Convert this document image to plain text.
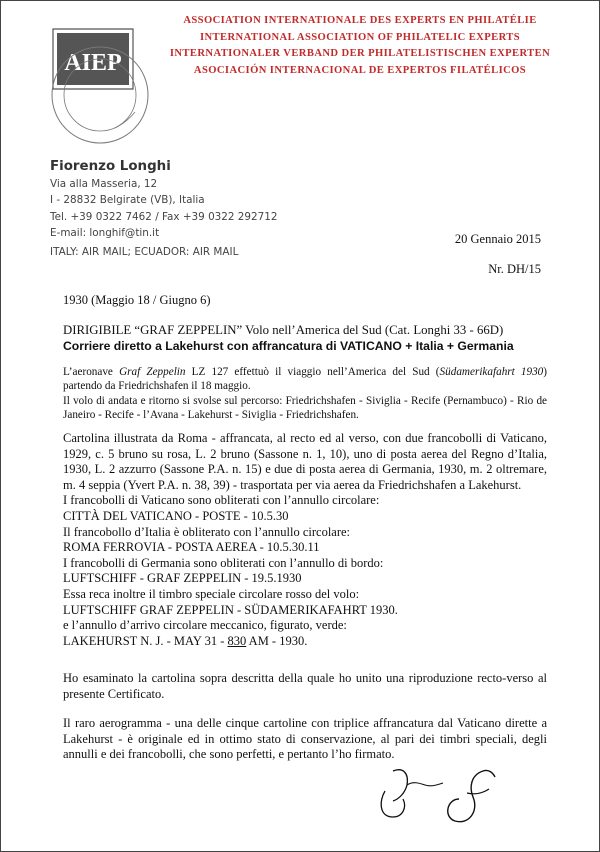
AIEP
ASSOCIATION INTERNATIONALE DES EXPERTS EN PHILATÉLIE
INTERNATIONAL ASSOCIATION OF PHILATELIC EXPERTS
INTERNATIONALER VERBAND DER PHILATELISTISCHEN EXPERTEN
ASOCIACIÓN INTERNACIONAL DE EXPERTOS FILATÉLICOS
Fiorenzo Longhi
Via alla Masseria, 12
I - 28832 Belgirate (VB), Italia
Tel. +39 0322 7462 / Fax +39 0322 292712
E-mail: longhif@tin.it
ITALY: AIR MAIL; ECUADOR: AIR MAIL
20 Gennaio 2015
Nr. DH/15
1930 (Maggio 18 / Giugno 6)
DIRIGIBILE “GRAF ZEPPELIN” Volo nell’America del Sud (Cat. Longhi 33 - 66D)
Corriere diretto a Lakehurst con affrancatura di VATICANO + Italia + Germania

L’aeronave Graf Zeppelin LZ 127 effettuò il viaggio nell’America del Sud (Südamerikafahrt 1930) partendo da Friedrichshafen il 18 maggio.

Il volo di andata e ritorno si svolse sul percorso: Friedrichshafen - Siviglia - Recife (Pernambuco) - Rio de Janeiro - Recife - l’Avana - Lakehurst - Siviglia - Friedrichshafen.

Cartolina illustrata da Roma - affrancata, al recto ed al verso, con due francobolli di Vaticano, 1929, c. 5 bruno su rosa, L. 2 bruno (Sassone n. 1, 10), uno di posta aerea del Regno d’Italia, 1930, L. 2 azzurro (Sassone P.A. n. 15) e due di posta aerea di Germania, 1930, m. 2 oltremare, m. 4 seppia (Yvert P.A. n. 38, 39) - trasportata per via aerea da Friedrichshafen a Lakehurst.

I francobolli di Vaticano sono obliterati con l’annullo circolare:
CITTÀ DEL VATICANO - POSTE - 10.5.30
Il francobollo d’Italia è obliterato con l’annullo circolare:
ROMA FERROVIA - POSTA AEREA - 10.5.30.11
I francobolli di Germania sono obliterati con l’annullo di bordo:
LUFTSCHIFF - GRAF ZEPPELIN - 19.5.1930
Essa reca inoltre il timbro speciale circolare rosso del volo:
LUFTSCHIFF GRAF ZEPPELIN - SÜDAMERIKAFAHRT 1930.
e l’annullo d’arrivo circolare meccanico, figurato, verde:
LAKEHURST N. J. - MAY 31 - 830 AM - 1930.
Ho esaminato la cartolina sopra descritta della quale ho unito una riproduzione recto-verso al presente Certificato.
Il raro aerogramma - una delle cinque cartoline con triplice affrancatura dal Vaticano dirette a Lakehurst - è originale ed in ottimo stato di conservazione, al pari dei timbri speciali, degli annulli e dei francobolli, che sono perfetti, e pertanto l’ho firmato.
